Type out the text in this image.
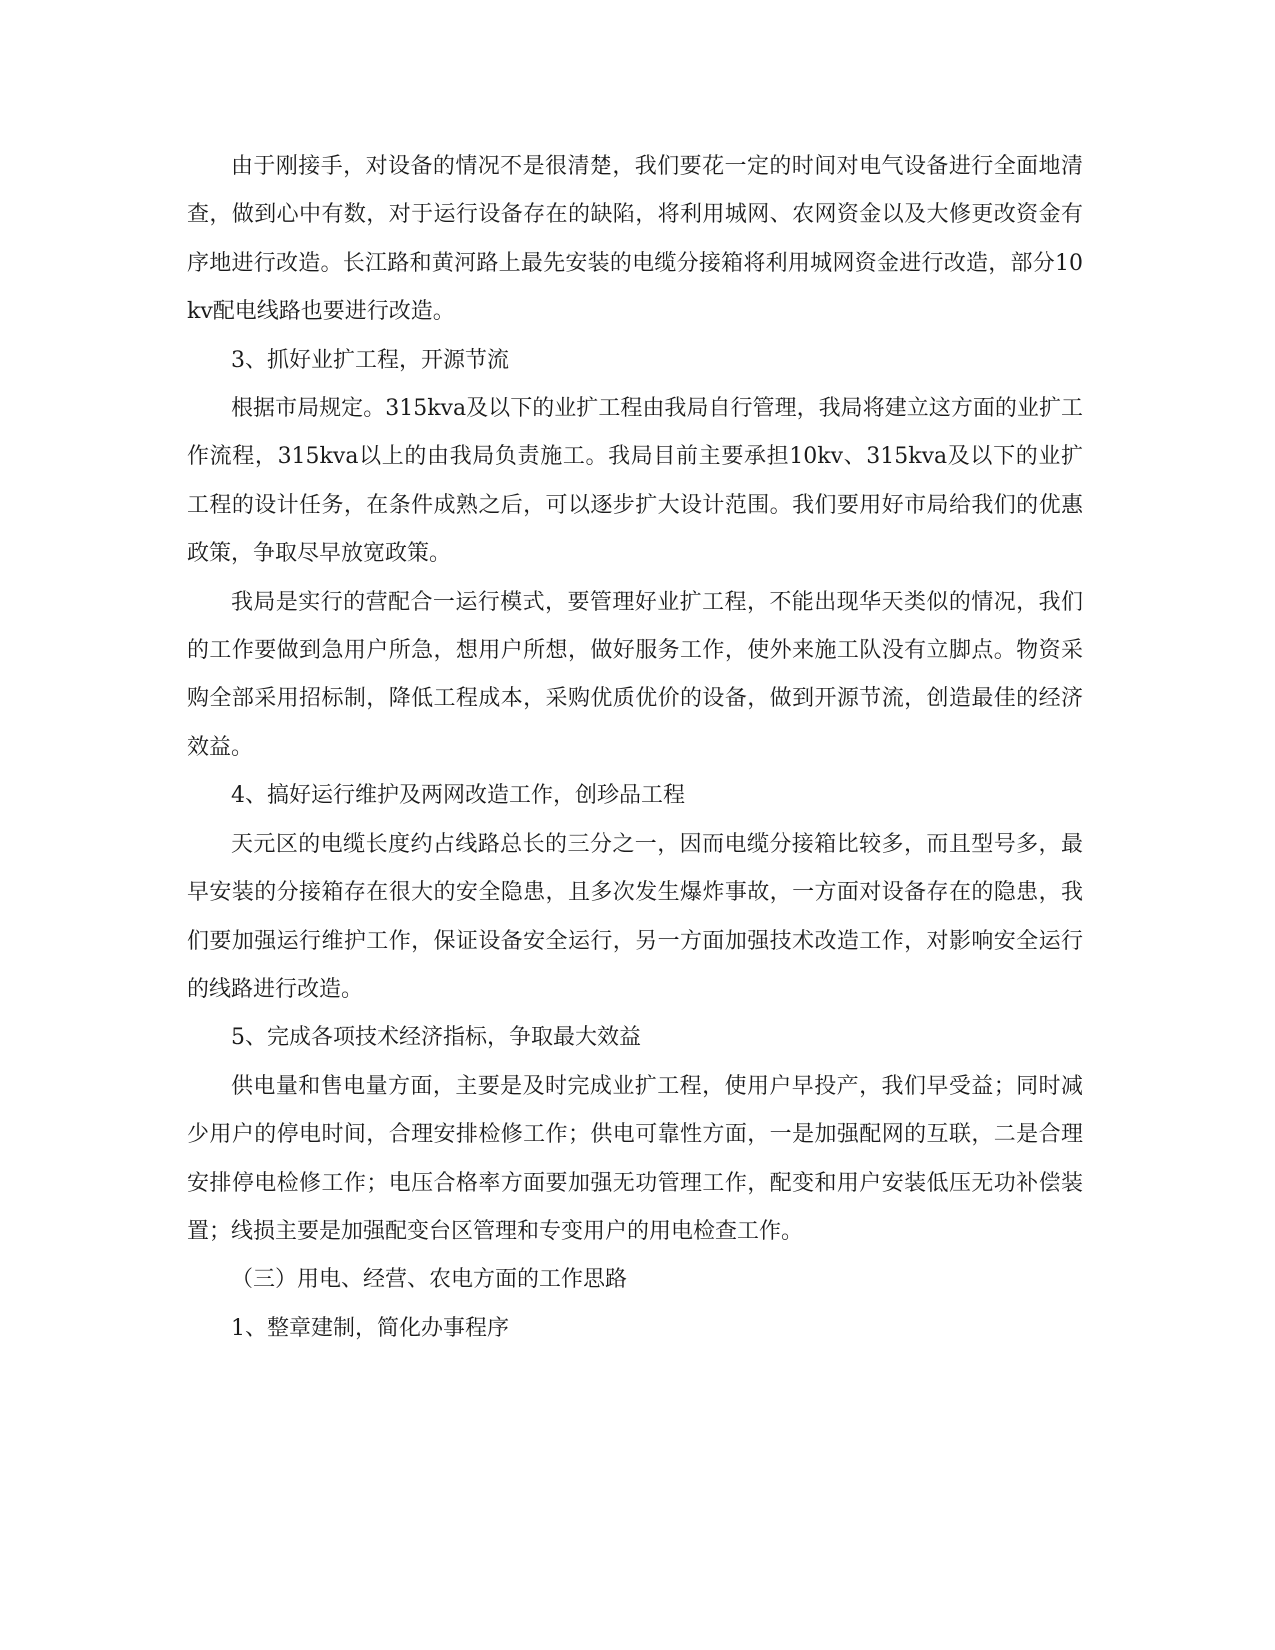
由于刚接手，对设备的情况不是很清楚，我们要花一定的时间对电气设备进行全面地清查，做到心中有数，对于运行设备存在的缺陷，将利用城网、农网资金以及大修更改资金有序地进行改造。长江路和黄河路上最先安装的电缆分接箱将利用城网资金进行改造，部分10kv配电线路也要进行改造。

3、抓好业扩工程，开源节流

根据市局规定。315kva及以下的业扩工程由我局自行管理，我局将建立这方面的业扩工作流程，315kva以上的由我局负责施工。我局目前主要承担10kv、315kva及以下的业扩工程的设计任务，在条件成熟之后，可以逐步扩大设计范围。我们要用好市局给我们的优惠政策，争取尽早放宽政策。

我局是实行的营配合一运行模式，要管理好业扩工程，不能出现华天类似的情况，我们的工作要做到急用户所急，想用户所想，做好服务工作，使外来施工队没有立脚点。物资采购全部采用招标制，降低工程成本，采购优质优价的设备，做到开源节流，创造最佳的经济效益。

4、搞好运行维护及两网改造工作，创珍品工程

天元区的电缆长度约占线路总长的三分之一，因而电缆分接箱比较多，而且型号多，最早安装的分接箱存在很大的安全隐患，且多次发生爆炸事故，一方面对设备存在的隐患，我们要加强运行维护工作，保证设备安全运行，另一方面加强技术改造工作，对影响安全运行的线路进行改造。

5、完成各项技术经济指标，争取最大效益

供电量和售电量方面，主要是及时完成业扩工程，使用户早投产，我们早受益；同时减少用户的停电时间，合理安排检修工作；供电可靠性方面，一是加强配网的互联，二是合理安排停电检修工作；电压合格率方面要加强无功管理工作，配变和用户安装低压无功补偿装置；线损主要是加强配变台区管理和专变用户的用电检查工作。

（三）用电、经营、农电方面的工作思路

1、整章建制，简化办事程序
